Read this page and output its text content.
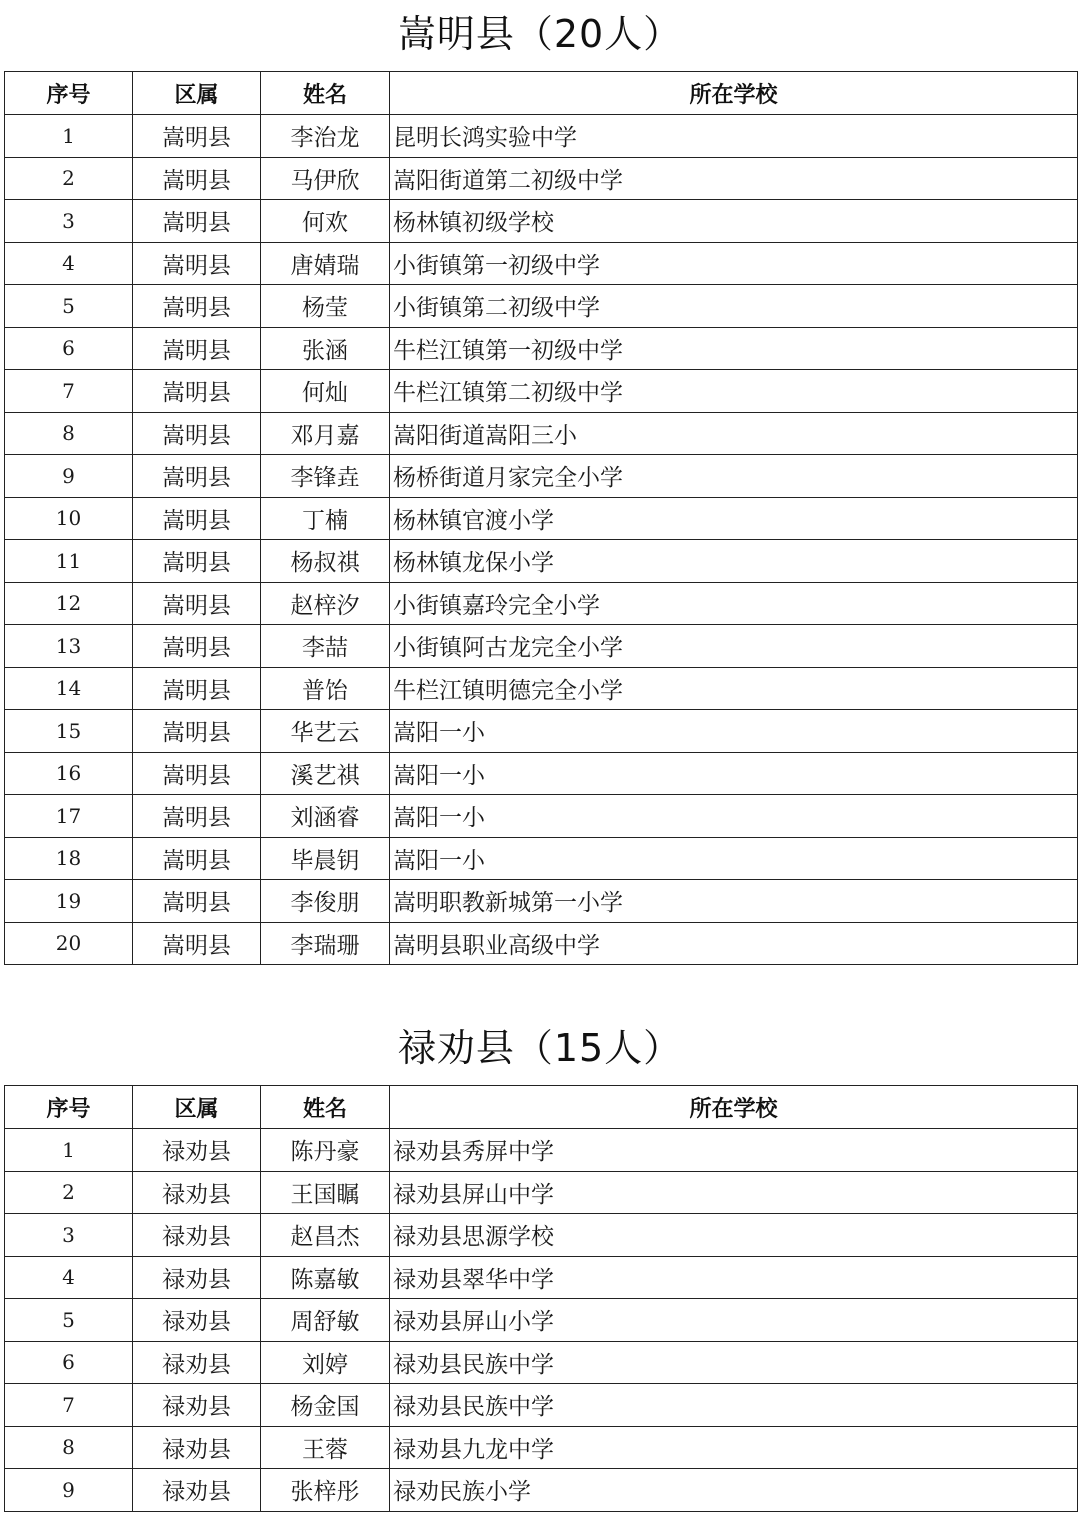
嵩明县（20人）
序号	区属	姓名	所在学校
1	嵩明县	李治龙	昆明长鸿实验中学
2	嵩明县	马伊欣	嵩阳街道第二初级中学
3	嵩明县	何欢	杨林镇初级学校
4	嵩明县	唐婧瑞	小街镇第一初级中学
5	嵩明县	杨莹	小街镇第二初级中学
6	嵩明县	张涵	牛栏江镇第一初级中学
7	嵩明县	何灿	牛栏江镇第二初级中学
8	嵩明县	邓月嘉	嵩阳街道嵩阳三小
9	嵩明县	李锋垚	杨桥街道月家完全小学
10	嵩明县	丁楠	杨林镇官渡小学
11	嵩明县	杨叔祺	杨林镇龙保小学
12	嵩明县	赵梓汐	小街镇嘉玲完全小学
13	嵩明县	李喆	小街镇阿古龙完全小学
14	嵩明县	普饴	牛栏江镇明德完全小学
15	嵩明县	华艺云	嵩阳一小
16	嵩明县	溪艺祺	嵩阳一小
17	嵩明县	刘涵睿	嵩阳一小
18	嵩明县	毕晨钥	嵩阳一小
19	嵩明县	李俊朋	嵩明职教新城第一小学
20	嵩明县	李瑞珊	嵩明县职业高级中学
禄劝县（15人）
序号	区属	姓名	所在学校
1	禄劝县	陈丹豪	禄劝县秀屏中学
2	禄劝县	王国瞩	禄劝县屏山中学
3	禄劝县	赵昌杰	禄劝县思源学校
4	禄劝县	陈嘉敏	禄劝县翠华中学
5	禄劝县	周舒敏	禄劝县屏山小学
6	禄劝县	刘婷	禄劝县民族中学
7	禄劝县	杨金国	禄劝县民族中学
8	禄劝县	王蓉	禄劝县九龙中学
9	禄劝县	张梓彤	禄劝民族小学
